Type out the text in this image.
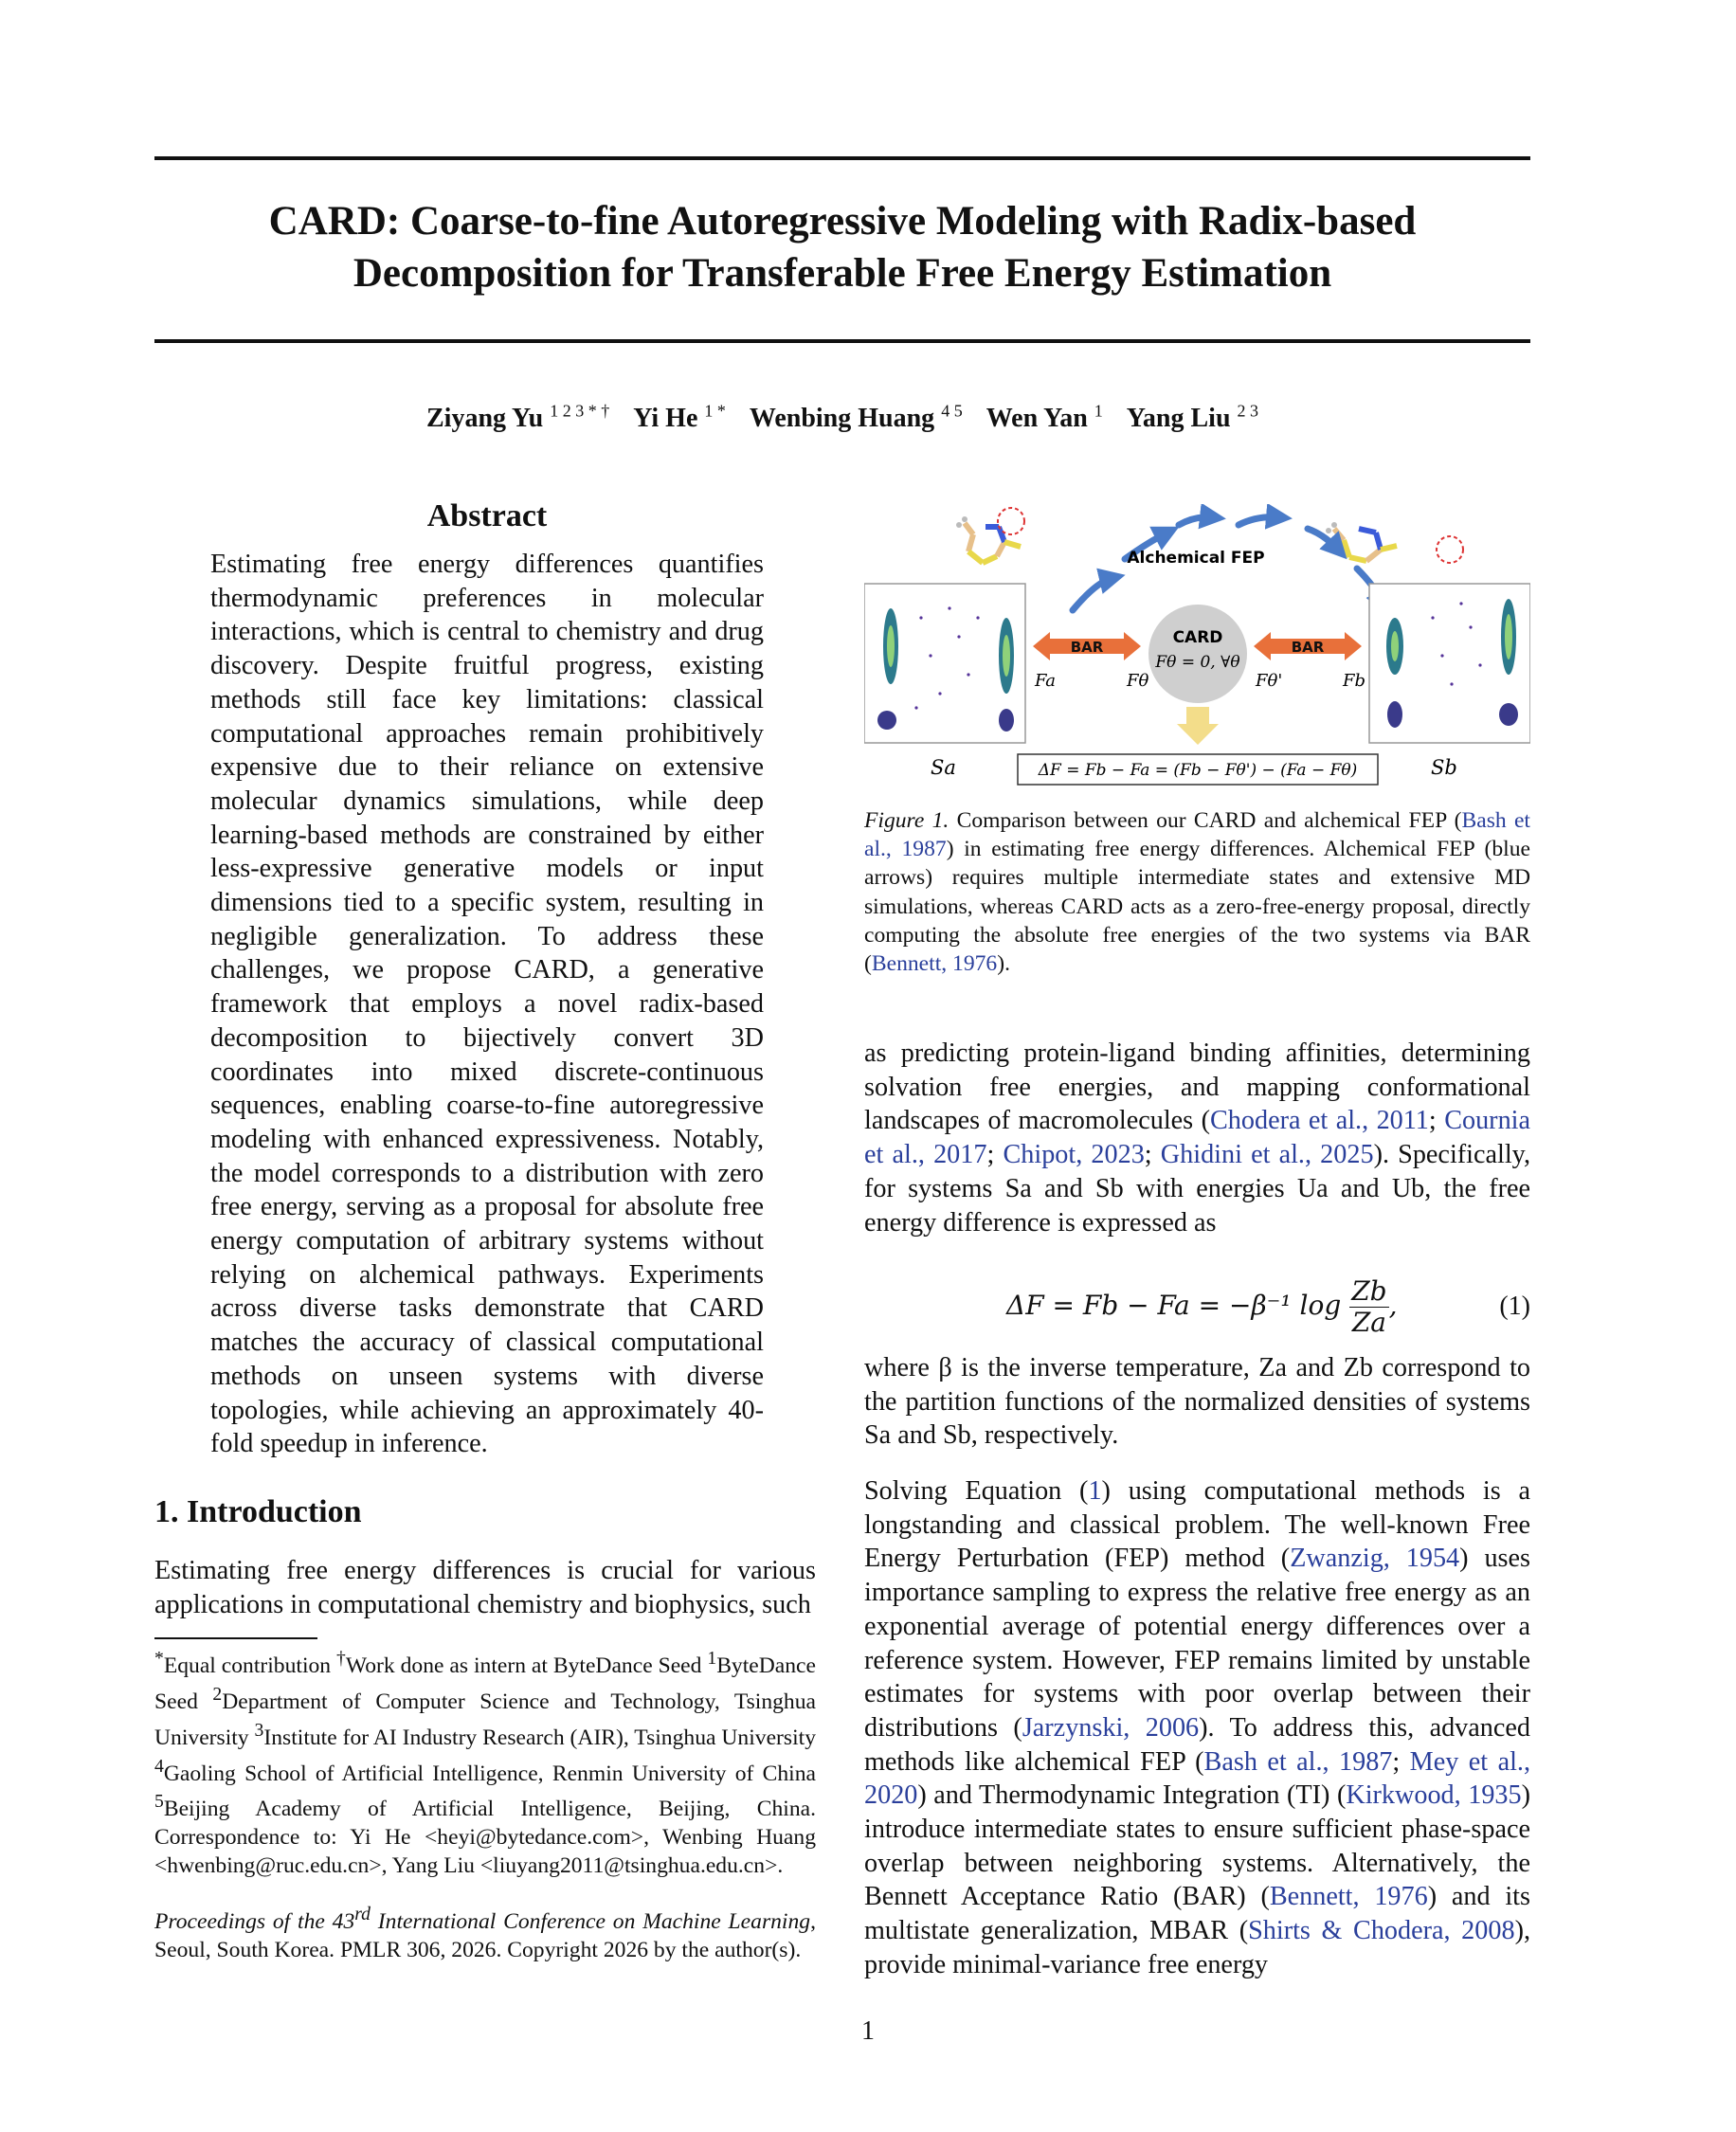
CARD: Coarse-to-fine Autoregressive Modeling with Radix-based
Decomposition for Transferable Free Energy Estimation
Ziyang Yu $^{1 2 3 * \dagger}$ Yi He $^{1 *}$ Wenbing Huang $^{4 5}$ Wen Yan $^1$ Yang Liu $^{2 3}$
Abstract

Estimating free energy differences quantifies thermodynamic preferences in molecular interactions, which is central to chemistry and drug discovery. Despite fruitful progress, existing methods still face key limitations: classical computational approaches remain prohibitively expensive due to their reliance on extensive molecular dynamics simulations, while deep learning-based methods are constrained by either less-expressive generative models or input dimensions tied to a specific system, resulting in negligible generalization. To address these challenges, we propose CARD, a generative framework that employs a novel radix-based decomposition to bijectively convert 3D coordinates into mixed discrete-continuous sequences, enabling coarse-to-fine autoregressive modeling with enhanced expressiveness. Notably, the model corresponds to a distribution with zero free energy, serving as a proposal for absolute free energy computation of arbitrary systems without relying on alchemical pathways. Experiments across diverse tasks demonstrate that CARD matches the accuracy of classical computational methods on unseen systems with diverse topologies, while achieving an approximately 40-fold speedup in inference.

1. Introduction

Estimating free energy differences is crucial for various applications in computational chemistry and biophysics, such

*Equal contribution †Work done as intern at ByteDance Seed $^1$ByteDance Seed $^2$Department of Computer Science and Technology, Tsinghua University $^3$Institute for AI Industry Research (AIR), Tsinghua University $^4$Gaoling School of Artificial Intelligence, Renmin University of China $^5$Beijing Academy of Artificial Intelligence, Beijing, China. Correspondence to: Yi He <heyi@bytedance.com>, Wenbing Huang <hwenbing@ruc.edu.cn>, Yang Liu <liuyang2011@tsinghua.edu.cn>.

Proceedings of the 43rd International Conference on Machine Learning, Seoul, South Korea. PMLR 306, 2026. Copyright 2026 by the author(s).
Alchemical FEP
BAR	BAR
CARD
Fθ = 0, ∀θ
Fa	Fθ	Fθ'	Fb
Sa	Sb
ΔF = Fb − Fa = (Fb − Fθ') − (Fa − Fθ)
Figure 1. Comparison between our CARD and alchemical FEP (Bash et al., 1987) in estimating free energy differences. Alchemical FEP (blue arrows) requires multiple intermediate states and extensive MD simulations, whereas CARD acts as a zero-free-energy proposal, directly computing the absolute free energies of the two systems via BAR (Bennett, 1976).

as predicting protein-ligand binding affinities, determining solvation free energies, and mapping conformational landscapes of macromolecules (Chodera et al., 2011; Cournia et al., 2017; Chipot, 2023; Ghidini et al., 2025). Specifically, for systems Sa and Sb with energies Ua and Ub, the free energy difference is expressed as

ΔF = Fb − Fa = −β⁻¹ $\log \frac{Zb}{Za}$ ,	(1)

where β is the inverse temperature, Za and Zb correspond to the partition functions of the normalized densities of systems Sa and Sb, respectively.

Solving Equation (1) using computational methods is a longstanding and classical problem. The well-known Free Energy Perturbation (FEP) method (Zwanzig, 1954) uses importance sampling to express the relative free energy as an exponential average of potential energy differences over a reference system. However, FEP remains limited by unstable estimates for systems with poor overlap between their distributions (Jarzynski, 2006). To address this, advanced methods like alchemical FEP (Bash et al., 1987; Mey et al., 2020) and Thermodynamic Integration (TI) (Kirkwood, 1935) introduce intermediate states to ensure sufficient phase-space overlap between neighboring systems. Alternatively, the Bennett Acceptance Ratio (BAR) (Bennett, 1976) and its multistate generalization, MBAR (Shirts & Chodera, 2008), provide minimal-variance free energy

1
